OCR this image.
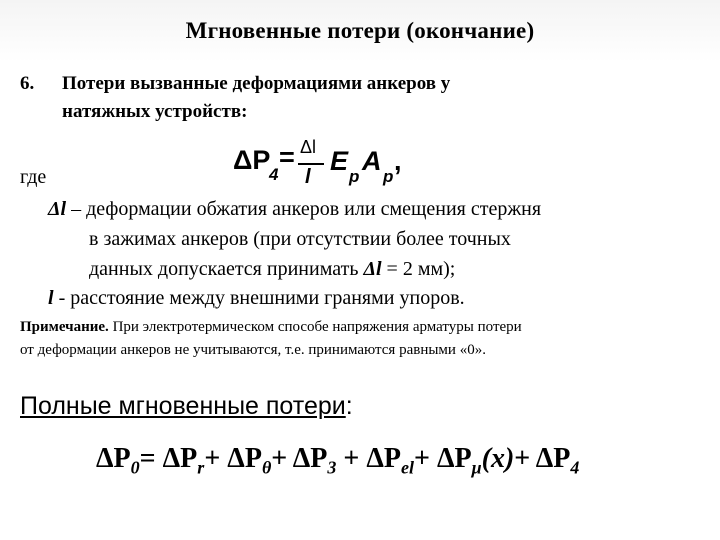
Мгновенные потери (окончание)
6. Потери вызванные деформациями анкеров у
натяжных устройств:
где
ΔP
4
= Δl
l
E
p
A
p
,
Δl – деформации обжатия анкеров или смещения стержня
в зажимах анкеров (при отсутствии более точных
данных допускается принимать Δl = 2 мм);
l - расстояние между внешними гранями упоров.
Примечание. При электротермическом способе напряжения арматуры потери
от деформации анкеров не учитываются, т.е. принимаются равными «0».
Полные мгновенные потери:
$\Delta P_0= \Delta P_r+ \Delta P_\theta+ \Delta P_3 + \Delta P_{el}+ \Delta P_\mu(x)+ \Delta P_4$
